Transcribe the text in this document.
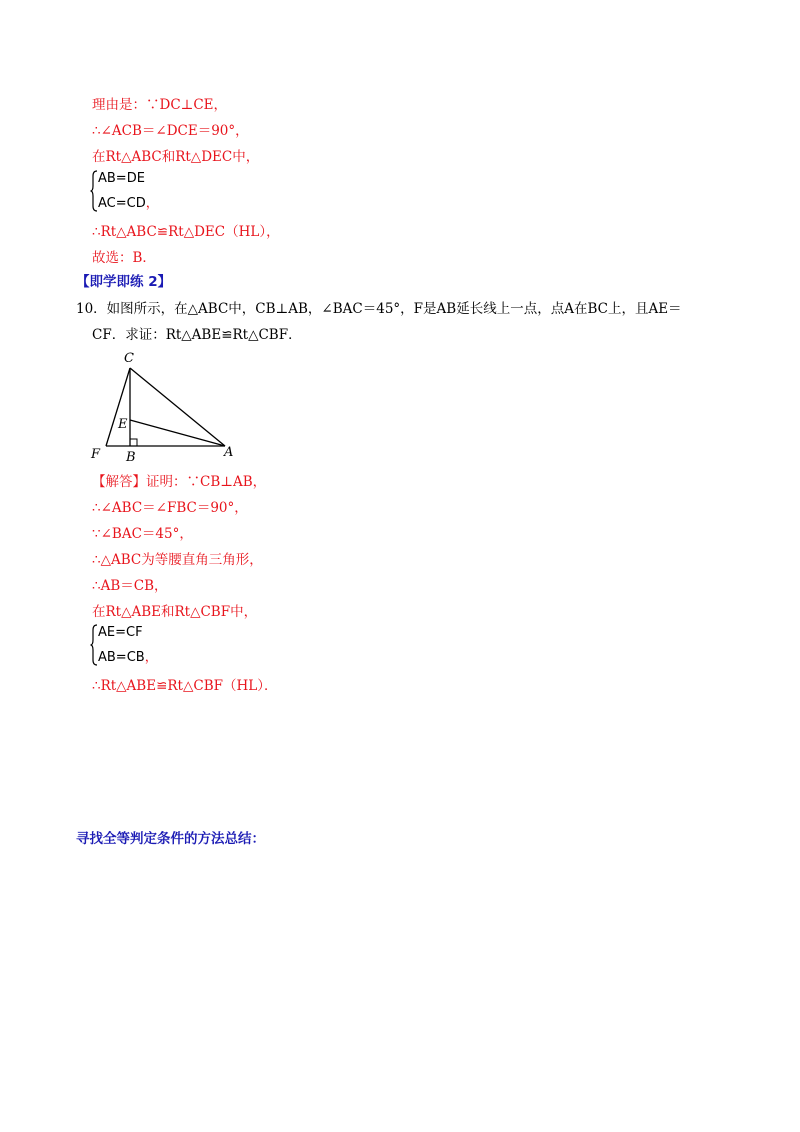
理由是：∵DC⊥CE，
∴∠ACB＝∠DCE＝90°，
在Rt△ABC和Rt△DEC中，
AB=DE
AC=CD，
∴Rt△ABC≌Rt△DEC（HL），
故选：B．
【即学即练 2】
10．如图所示，在△ABC中，CB⊥AB，∠BAC＝45°，F是AB延长线上一点，点A在BC上，且AE＝
CF．求证：Rt△ABE≌Rt△CBF．
C
E
F B	A
【解答】证明：∵CB⊥AB，
∴∠ABC＝∠FBC＝90°，
∵∠BAC＝45°，
∴△ABC为等腰直角三角形，
∴AB＝CB，
在Rt△ABE和Rt△CBF中，
AE=CF
AB=CB，
∴Rt△ABE≌Rt△CBF（HL）．
寻找全等判定条件的方法总结：
